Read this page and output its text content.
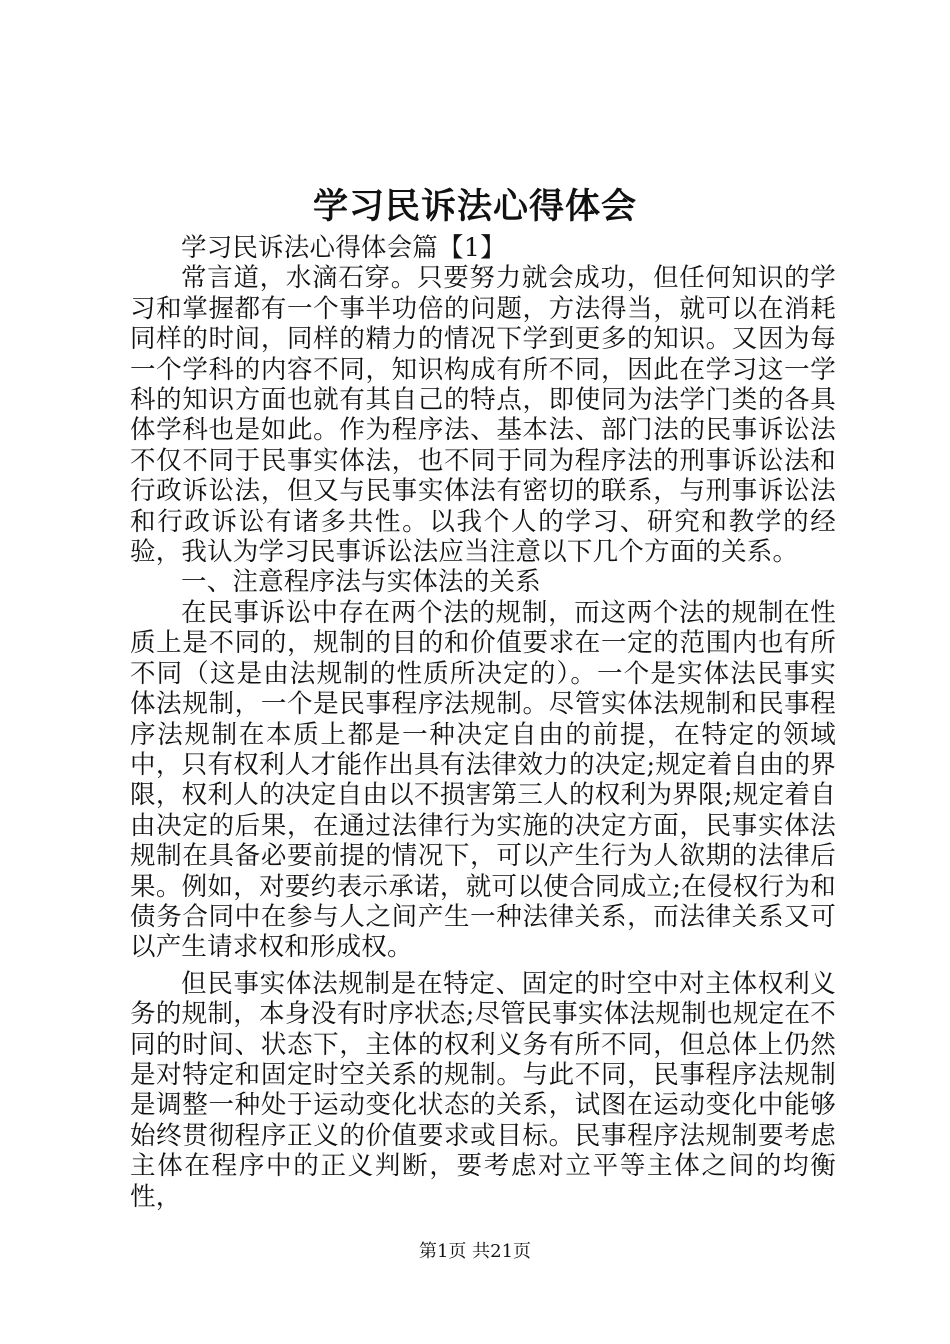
学习民诉法心得体会

学习民诉法心得体会篇【1】

常言道，水滴石穿。只要努力就会成功，但任何知识的学习和掌握都有一个事半功倍的问题，方法得当，就可以在消耗同样的时间，同样的精力的情况下学到更多的知识。又因为每一个学科的内容不同，知识构成有所不同，因此在学习这一学科的知识方面也就有其自己的特点，即使同为法学门类的各具体学科也是如此。作为程序法、基本法、部门法的民事诉讼法不仅不同于民事实体法，也不同于同为程序法的刑事诉讼法和行政诉讼法，但又与民事实体法有密切的联系，与刑事诉讼法和行政诉讼有诸多共性。以我个人的学习、研究和教学的经验，我认为学习民事诉讼法应当注意以下几个方面的关系。

一、注意程序法与实体法的关系

在民事诉讼中存在两个法的规制，而这两个法的规制在性质上是不同的，规制的目的和价值要求在一定的范围内也有所不同（这是由法规制的性质所决定的）。一个是实体法民事实体法规制，一个是民事程序法规制。尽管实体法规制和民事程序法规制在本质上都是一种决定自由的前提，在特定的领域中，只有权利人才能作出具有法律效力的决定;规定着自由的界限，权利人的决定自由以不损害第三人的权利为界限;规定着自由决定的后果，在通过法律行为实施的决定方面，民事实体法规制在具备必要前提的情况下，可以产生行为人欲期的法律后果。例如，对要约表示承诺，就可以使合同成立;在侵权行为和债务合同中在参与人之间产生一种法律关系，而法律关系又可以产生请求权和形成权。

但民事实体法规制是在特定、固定的时空中对主体权利义务的规制，本身没有时序状态;尽管民事实体法规制也规定在不同的时间、状态下，主体的权利义务有所不同，但总体上仍然是对特定和固定时空关系的规制。与此不同，民事程序法规制是调整一种处于运动变化状态的关系，试图在运动变化中能够始终贯彻程序正义的价值要求或目标。民事程序法规制要考虑主体在程序中的正义判断，要考虑对立平等主体之间的均衡性，

第1页 共21页
